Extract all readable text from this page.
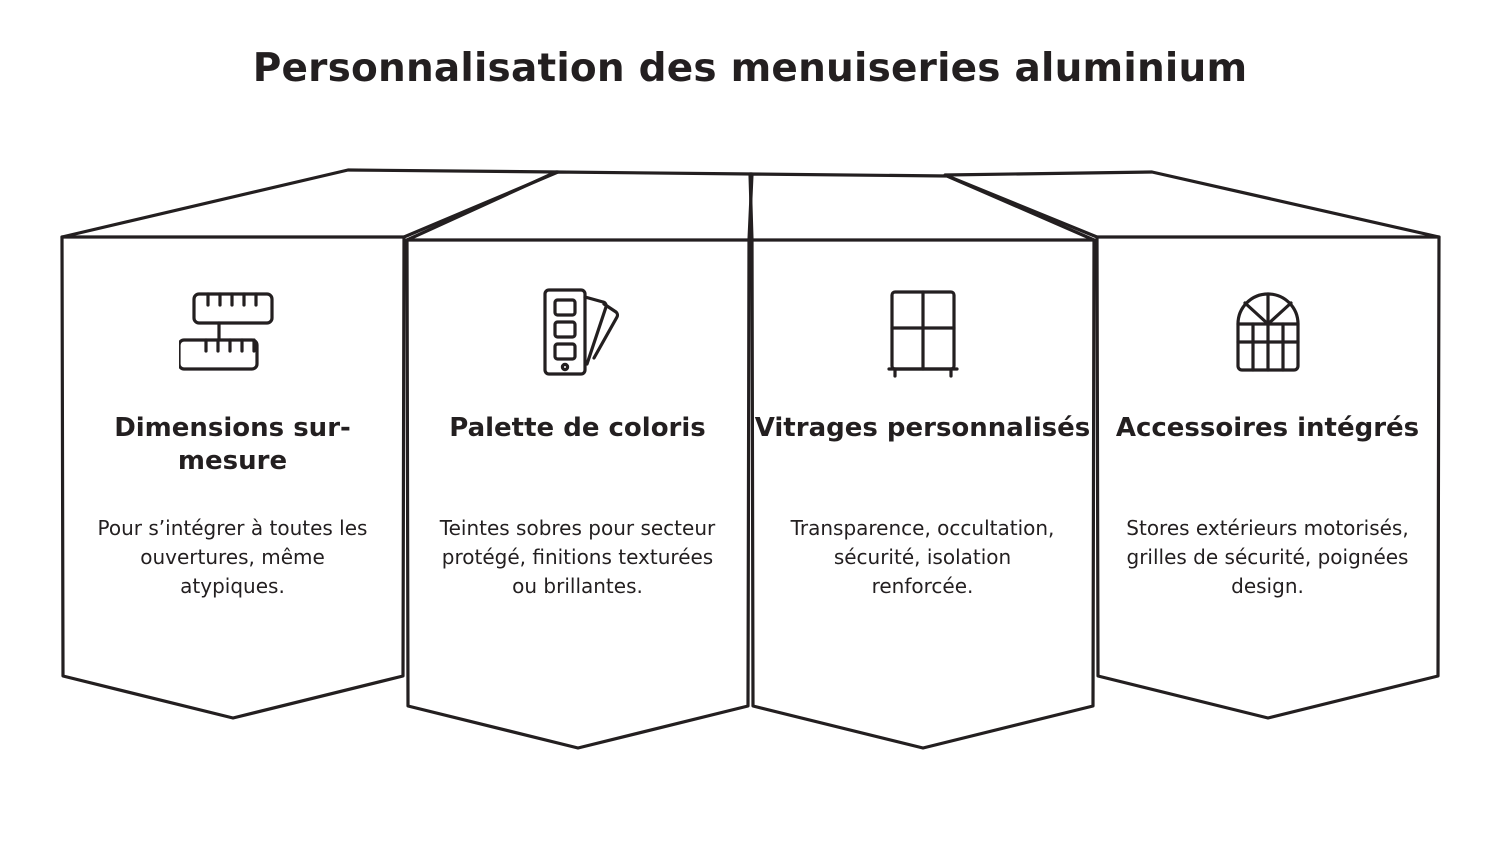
Personnalisation des menuiseries aluminium
Dimensions sur-mesure
Pour s’intégrer à toutes les ouvertures, même atypiques.
Palette de coloris
Teintes sobres pour secteur protégé, finitions texturées ou brillantes.
Vitrages personnalisés
Transparence, occultation, sécurité, isolation renforcée.
Accessoires intégrés
Stores extérieurs motorisés, grilles de sécurité, poignées design.
